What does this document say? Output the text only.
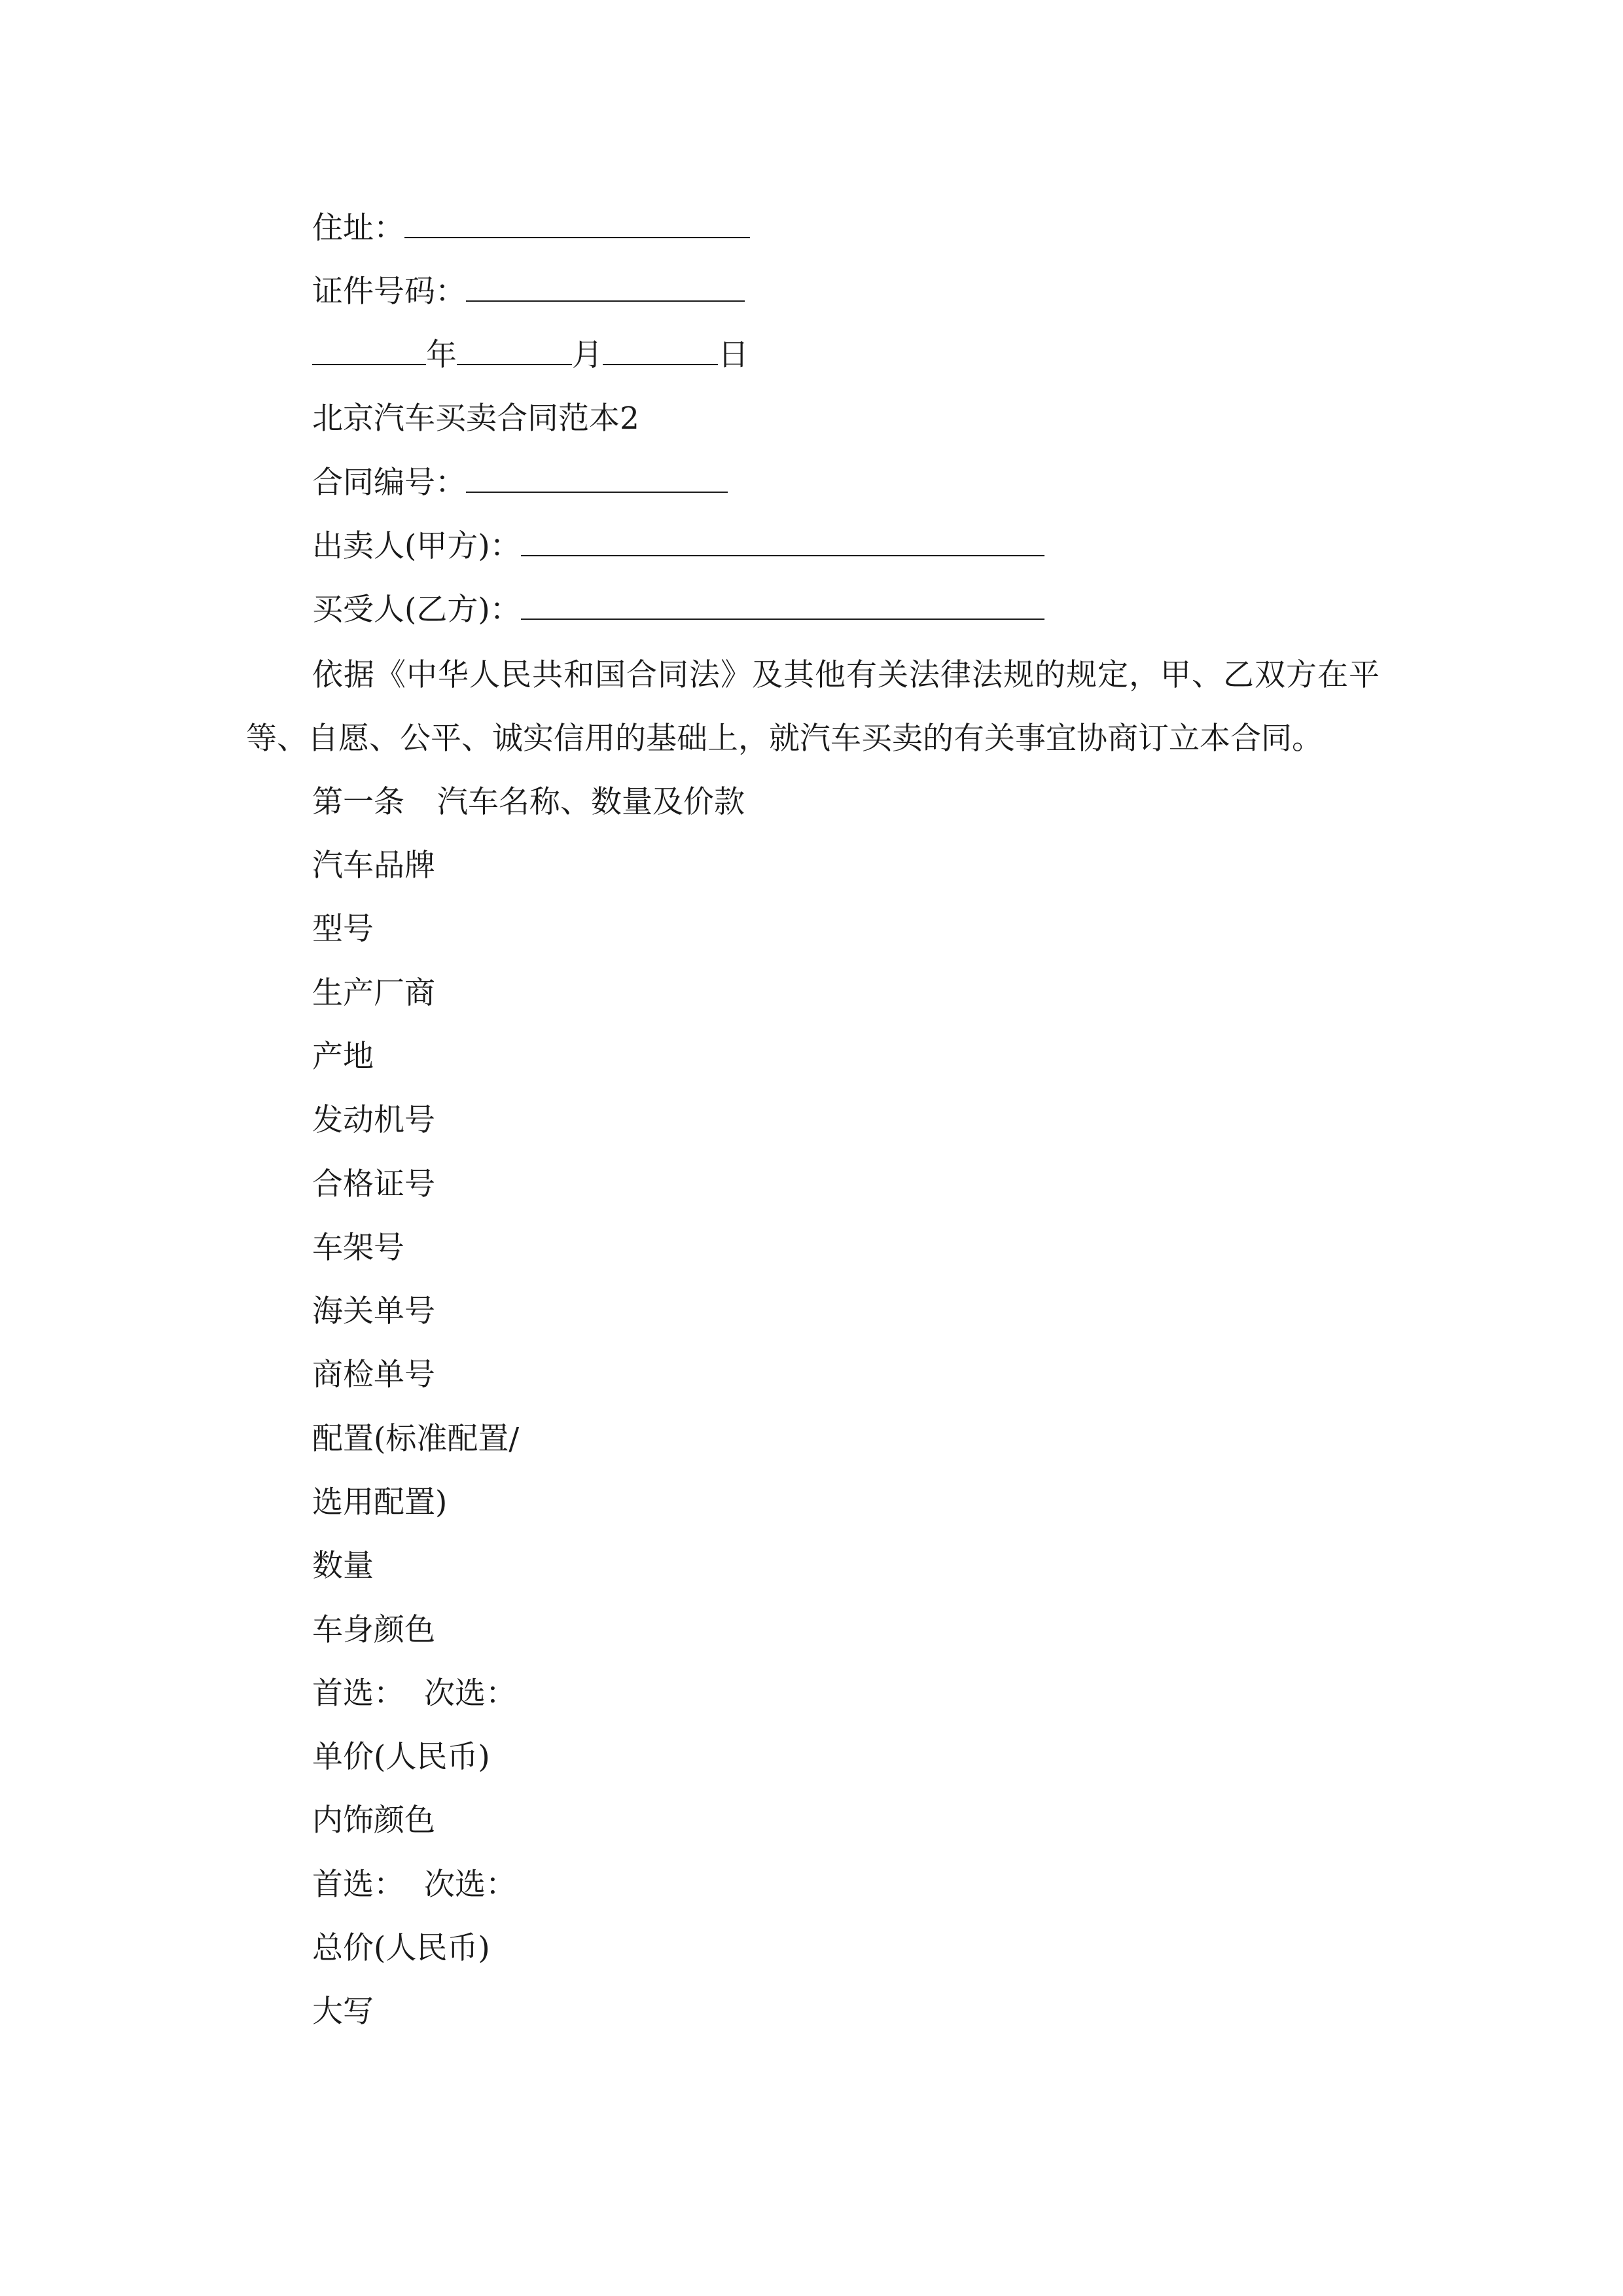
住址：
证件号码：
年	月	日
北京汽车买卖合同范本2
合同编号：
出卖人(甲方)：
买受人(乙方)：
依据《中华人民共和国合同法》及其他有关法律法规的规定，甲、乙双方在平等、自愿、公平、诚实信用的基础上，就汽车买卖的有关事宜协商订立本合同。
第一条 汽车名称、数量及价款
汽车品牌
型号
生产厂商
产地
发动机号
合格证号
车架号
海关单号
商检单号
配置(标准配置/
选用配置)
数量
车身颜色
首选： 次选：
单价(人民币)
内饰颜色
首选： 次选：
总价(人民币)
大写
